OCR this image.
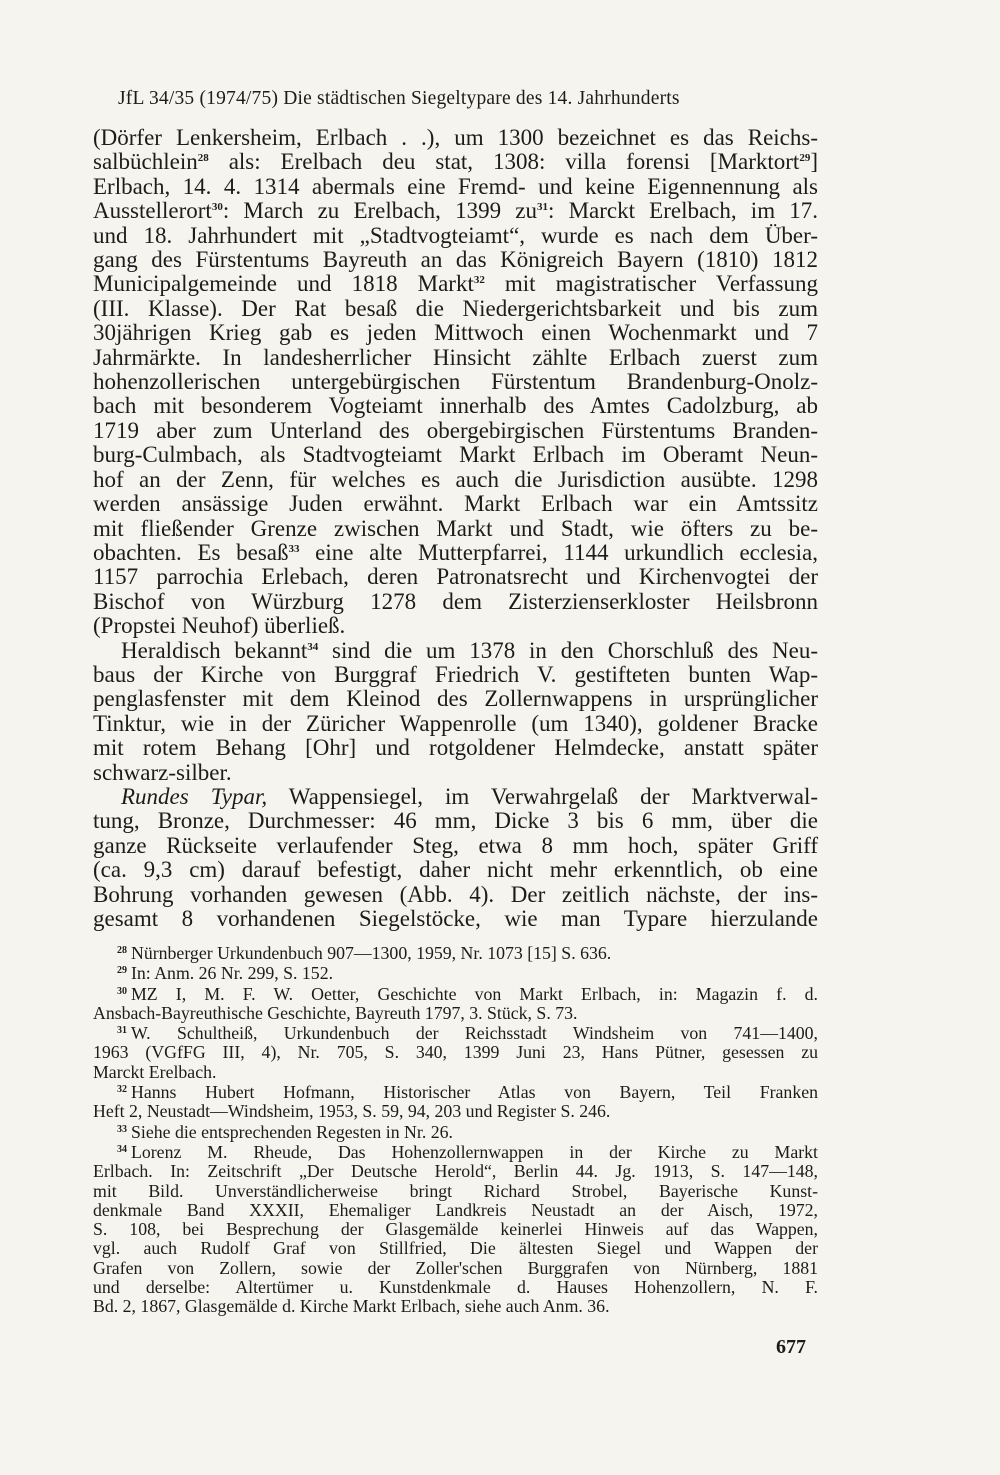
JfL 34/35 (1974/75) Die städtischen Siegeltypare des 14. Jahrhunderts

(Dörfer Lenkersheim, Erlbach . .), um 1300 bezeichnet es das Reichs-
salbüchlein$^{28}$ als: Erelbach deu stat, 1308: villa forensi [Marktort$^{29}$]
Erlbach, 14. 4. 1314 abermals eine Fremd- und keine Eigennennung als
Ausstellerort$^{30}$: March zu Erelbach, 1399 zu$^{31}$: Marckt Erelbach, im 17.
und 18. Jahrhundert mit „Stadtvogteiamt“, wurde es nach dem Über-
gang des Fürstentums Bayreuth an das Königreich Bayern (1810) 1812
Municipalgemeinde und 1818 Markt$^{32}$ mit magistratischer Verfassung
(III. Klasse). Der Rat besaß die Niedergerichtsbarkeit und bis zum
30jährigen Krieg gab es jeden Mittwoch einen Wochenmarkt und 7
Jahrmärkte. In landesherrlicher Hinsicht zählte Erlbach zuerst zum
hohenzollerischen untergebürgischen Fürstentum Brandenburg-Onolz-
bach mit besonderem Vogteiamt innerhalb des Amtes Cadolzburg, ab
1719 aber zum Unterland des obergebirgischen Fürstentums Branden-
burg-Culmbach, als Stadtvogteiamt Markt Erlbach im Oberamt Neun-
hof an der Zenn, für welches es auch die Jurisdiction ausübte. 1298
werden ansässige Juden erwähnt. Markt Erlbach war ein Amtssitz
mit fließender Grenze zwischen Markt und Stadt, wie öfters zu be-
obachten. Es besaß$^{33}$ eine alte Mutterpfarrei, 1144 urkundlich ecclesia,
1157 parrochia Erlebach, deren Patronatsrecht und Kirchenvogtei der
Bischof von Würzburg 1278 dem Zisterzienserkloster Heilsbronn
(Propstei Neuhof) überließ.

Heraldisch bekannt$^{34}$ sind die um 1378 in den Chorschluß des Neu-
baus der Kirche von Burggraf Friedrich V. gestifteten bunten Wap-
penglasfenster mit dem Kleinod des Zollernwappens in ursprünglicher
Tinktur, wie in der Züricher Wappenrolle (um 1340), goldener Bracke
mit rotem Behang [Ohr] und rotgoldener Helmdecke, anstatt später
schwarz-silber.

Rundes Typar, Wappensiegel, im Verwahrgelaß der Marktverwal-
tung, Bronze, Durchmesser: 46 mm, Dicke 3 bis 6 mm, über die
ganze Rückseite verlaufender Steg, etwa 8 mm hoch, später Griff
(ca. 9,3 cm) darauf befestigt, daher nicht mehr erkenntlich, ob eine
Bohrung vorhanden gewesen (Abb. 4). Der zeitlich nächste, der ins-
gesamt 8 vorhandenen Siegelstöcke, wie man Typare hierzulande

$^{28}$ Nürnberger Urkundenbuch 907—1300, 1959, Nr. 1073 [15] S. 636.
$^{29}$ In: Anm. 26 Nr. 299, S. 152.
$^{30}$ MZ I, M. F. W. Oetter, Geschichte von Markt Erlbach, in: Magazin f. d.
Ansbach-Bayreuthische Geschichte, Bayreuth 1797, 3. Stück, S. 73.
$^{31}$ W. Schultheiß, Urkundenbuch der Reichsstadt Windsheim von 741—1400,
1963 (VGfFG III, 4), Nr. 705, S. 340, 1399 Juni 23, Hans Pütner, gesessen zu
Marckt Erelbach.
$^{32}$ Hanns Hubert Hofmann, Historischer Atlas von Bayern, Teil Franken
Heft 2, Neustadt—Windsheim, 1953, S. 59, 94, 203 und Register S. 246.
$^{33}$ Siehe die entsprechenden Regesten in Nr. 26.
$^{34}$ Lorenz M. Rheude, Das Hohenzollernwappen in der Kirche zu Markt
Erlbach. In: Zeitschrift „Der Deutsche Herold“, Berlin 44. Jg. 1913, S. 147—148,
mit Bild. Unverständlicherweise bringt Richard Strobel, Bayerische Kunst-
denkmale Band XXXII, Ehemaliger Landkreis Neustadt an der Aisch, 1972,
S. 108, bei Besprechung der Glasgemälde keinerlei Hinweis auf das Wappen,
vgl. auch Rudolf Graf von Stillfried, Die ältesten Siegel und Wappen der
Grafen von Zollern, sowie der Zoller'schen Burggrafen von Nürnberg, 1881
und derselbe: Altertümer u. Kunstdenkmale d. Hauses Hohenzollern, N. F.
Bd. 2, 1867, Glasgemälde d. Kirche Markt Erlbach, siehe auch Anm. 36.
677
